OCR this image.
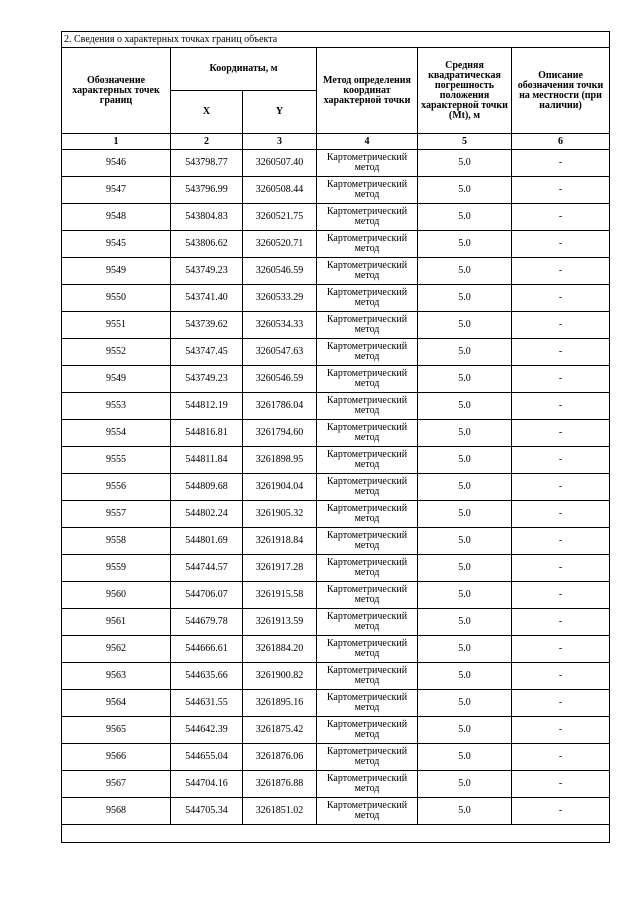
2. Сведения о характерных точках границ объекта					
Обозначение характерных точек границ	Координаты, м		Метод определения координат характерной точки	Средняя квадратическая погрешность положения характерной точки (Mt), м	Описание обозначения точки на местности (при наличии)
	X	Y			
1	2	3	4	5	6
9546	543798.77	3260507.40	Картометрический метод	5.0	-
9547	543796.99	3260508.44	Картометрический метод	5.0	-
9548	543804.83	3260521.75	Картометрический метод	5.0	-
9545	543806.62	3260520.71	Картометрический метод	5.0	-
9549	543749.23	3260546.59	Картометрический метод	5.0	-
9550	543741.40	3260533.29	Картометрический метод	5.0	-
9551	543739.62	3260534.33	Картометрический метод	5.0	-
9552	543747.45	3260547.63	Картометрический метод	5.0	-
9549	543749.23	3260546.59	Картометрический метод	5.0	-
9553	544812.19	3261786.04	Картометрический метод	5.0	-
9554	544816.81	3261794.60	Картометрический метод	5.0	-
9555	544811.84	3261898.95	Картометрический метод	5.0	-
9556	544809.68	3261904.04	Картометрический метод	5.0	-
9557	544802.24	3261905.32	Картометрический метод	5.0	-
9558	544801.69	3261918.84	Картометрический метод	5.0	-
9559	544744.57	3261917.28	Картометрический метод	5.0	-
9560	544706.07	3261915.58	Картометрический метод	5.0	-
9561	544679.78	3261913.59	Картометрический метод	5.0	-
9562	544666.61	3261884.20	Картометрический метод	5.0	-
9563	544635.66	3261900.82	Картометрический метод	5.0	-
9564	544631.55	3261895.16	Картометрический метод	5.0	-
9565	544642.39	3261875.42	Картометрический метод	5.0	-
9566	544655.04	3261876.06	Картометрический метод	5.0	-
9567	544704.16	3261876.88	Картометрический метод	5.0	-
9568	544705.34	3261851.02	Картометрический метод	5.0	-
